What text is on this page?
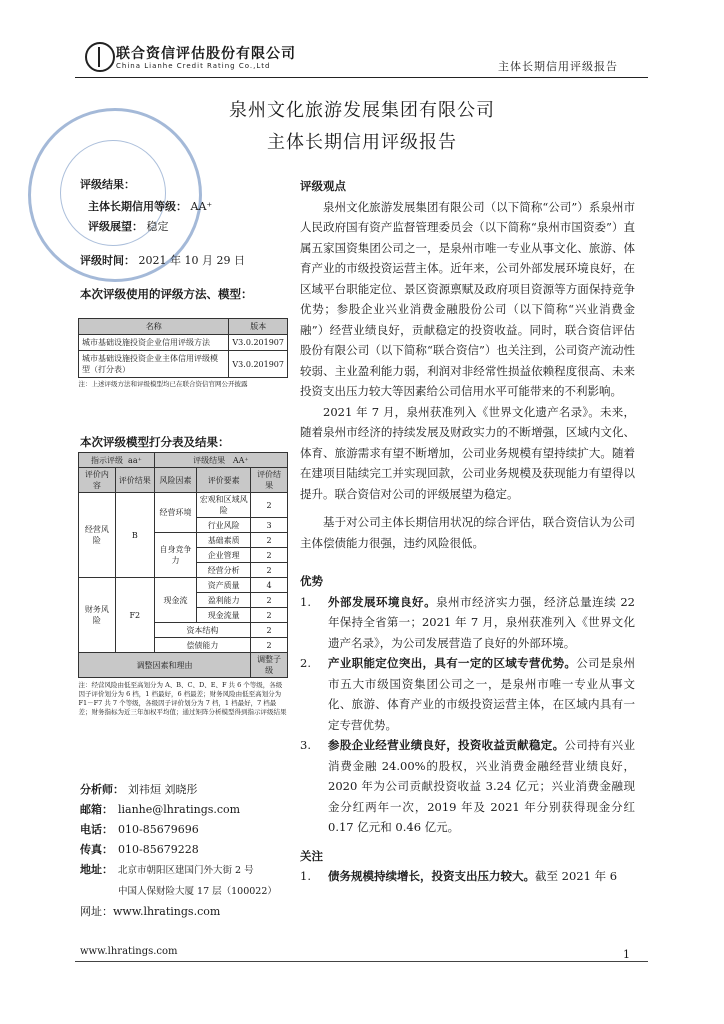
联合资信评估股份有限公司
China Lianhe Credit Rating Co.,Ltd	主体长期信用评级报告
泉州文化旅游发展集团有限公司
主体长期信用评级报告
评级结果：
主体长期信用等级： AA⁺
评级展望： 稳定
评级时间： 2021 年 10 月 29 日
本次评级使用的评级方法、模型：
名称	版本
城市基础设施投资企业信用评级方法	V3.0.201907
城市基础设施投资企业主体信用评级模型（打分表）	V3.0.201907
注：上述评级方法和评级模型均已在联合资信官网公开披露	
本次评级模型打分表及结果：
指示评级 aa⁺		评级结果 AA⁺		
评价内容	评价结果	风险因素	评价要素	评价结果
经营风险	B	经营环境	宏观和区域风险	2
			行业风险	3
		自身竞争力	基础素质	2
			企业管理	2
			经营分析	2
财务风险	F2	现金流	资产质量	4
			盈利能力	2
			现金流量	2
		资本结构		2
		偿债能力		2
调整因素和理由				调整子级
注：经营风险由低至高划分为 A、B、C、D、E、F 共 6 个等级，各级因子评价划分为 6 档，1 档最好，6 档最差；财务风险由低至高划分为 F1－F7 共 7 个等级，各级因子评价划分为 7 档，1 档最好，7 档最差；财务指标为近三年加权平均值；通过矩阵分析模型得到指示评级结果				
分析师： 刘祎烜 刘晓彤
邮箱： lianhe@lhratings.com
电话： 010-85679696
传真： 010-85679228
地址： 北京市朝阳区建国门外大街 2 号
中国人保财险大厦 17 层（100022）
网址：www.lhratings.com
评级观点

泉州文化旅游发展集团有限公司（以下简称“公司”）系泉州市人民政府国有资产监督管理委员会（以下简称“泉州市国资委”）直属五家国资集团公司之一，是泉州市唯一专业从事文化、旅游、体育产业的市级投资运营主体。近年来，公司外部发展环境良好，在区域平台职能定位、景区资源禀赋及政府项目资源等方面保持竞争优势；参股企业兴业消费金融股份公司（以下简称“兴业消费金融”）经营业绩良好，贡献稳定的投资收益。同时，联合资信评估股份有限公司（以下简称“联合资信”）也关注到，公司资产流动性较弱、主业盈利能力弱，利润对非经常性损益依赖程度很高、未来投资支出压力较大等因素给公司信用水平可能带来的不利影响。

2021 年 7 月，泉州获准列入《世界文化遗产名录》。未来，随着泉州市经济的持续发展及财政实力的不断增强，区域内文化、体育、旅游需求有望不断增加，公司业务规模有望持续扩大。随着在建项目陆续完工并实现回款，公司业务规模及获现能力有望得以提升。联合资信对公司的评级展望为稳定。

基于对公司主体长期信用状况的综合评估，联合资信认为公司主体偿债能力很强，违约风险很低。

优势
1.	外部发展环境良好。泉州市经济实力强，经济总量连续 22 年保持全省第一；2021 年 7 月，泉州获准列入《世界文化遗产名录》，为公司发展营造了良好的外部环境。
2.	产业职能定位突出，具有一定的区域专营优势。公司是泉州市五大市级国资集团公司之一，是泉州市唯一专业从事文化、旅游、体育产业的市级投资运营主体，在区域内具有一定专营优势。
3.	参股企业经营业绩良好，投资收益贡献稳定。公司持有兴业消费金融 24.00%的股权，兴业消费金融经营业绩良好，2020 年为公司贡献投资收益 3.24 亿元；兴业消费金融现金分红两年一次，2019 年及 2021 年分别获得现金分红 0.17 亿元和 0.46 亿元。
关注
1.	债务规模持续增长，投资支出压力较大。截至 2021 年 6
www.lhratings.com	1
